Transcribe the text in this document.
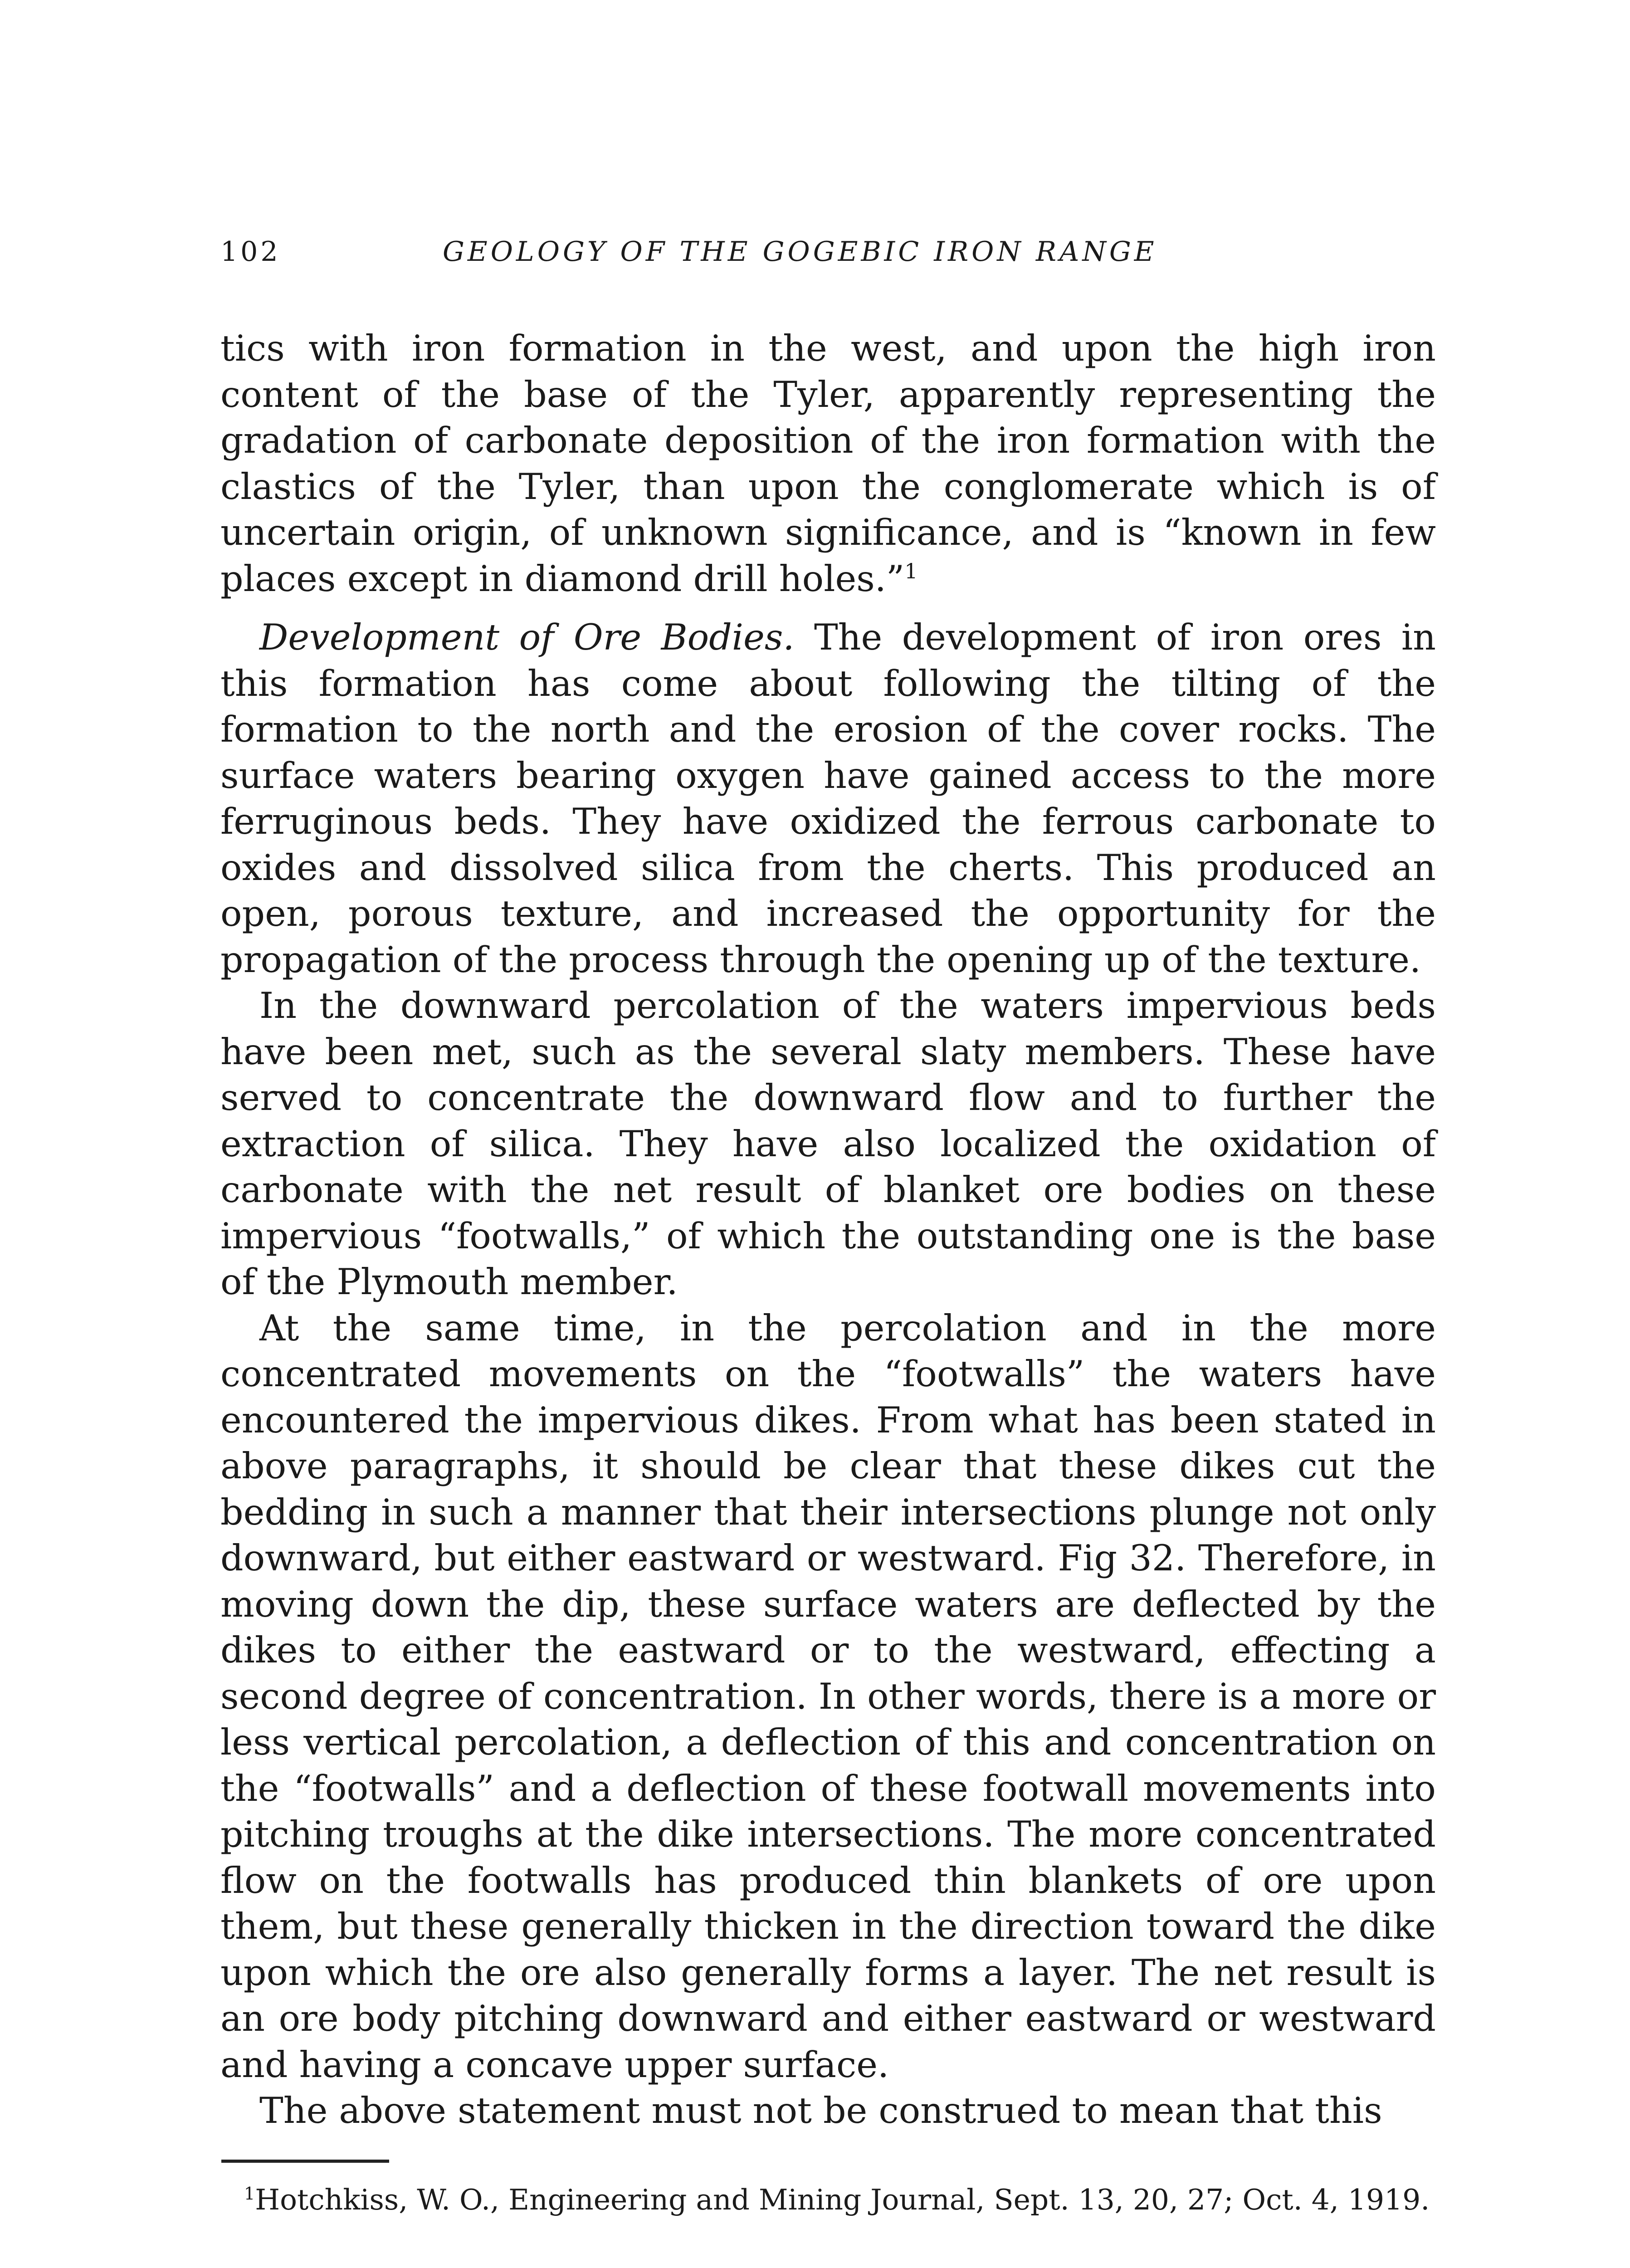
102	GEOLOGY OF THE GOGEBIC IRON RANGE

tics with iron formation in the west, and upon the high iron content of the base of the Tyler, apparently representing the gradation of carbonate deposition of the iron formation with the clastics of the Tyler, than upon the conglomerate which is of uncertain origin, of unknown significance, and is “known in few places except in diamond drill holes.”$^1$

Development of Ore Bodies. The development of iron ores in this formation has come about following the tilting of the formation to the north and the erosion of the cover rocks. The surface waters bearing oxygen have gained access to the more ferruginous beds. They have oxidized the ferrous carbonate to oxides and dissolved silica from the cherts. This produced an open, porous texture, and increased the opportunity for the propagation of the process through the opening up of the texture.

In the downward percolation of the waters impervious beds have been met, such as the several slaty members. These have served to concentrate the downward flow and to further the extraction of silica. They have also localized the oxidation of carbonate with the net result of blanket ore bodies on these impervious “footwalls,” of which the outstanding one is the base of the Plymouth member.

At the same time, in the percolation and in the more concentrated movements on the “footwalls” the waters have encountered the impervious dikes. From what has been stated in above paragraphs, it should be clear that these dikes cut the bedding in such a manner that their intersections plunge not only downward, but either eastward or westward. Fig 32. Therefore, in moving down the dip, these surface waters are deflected by the dikes to either the eastward or to the westward, effecting a second degree of concentration. In other words, there is a more or less vertical percolation, a deflection of this and concentration on the “footwalls” and a deflection of these footwall movements into pitching troughs at the dike intersections. The more concentrated flow on the footwalls has produced thin blankets of ore upon them, but these generally thicken in the direction toward the dike upon which the ore also generally forms a layer. The net result is an ore body pitching downward and either eastward or westward and having a concave upper surface.

The above statement must not be construed to mean that this

$^1$Hotchkiss, W. O., Engineering and Mining Journal, Sept. 13, 20, 27; Oct. 4, 1919.
